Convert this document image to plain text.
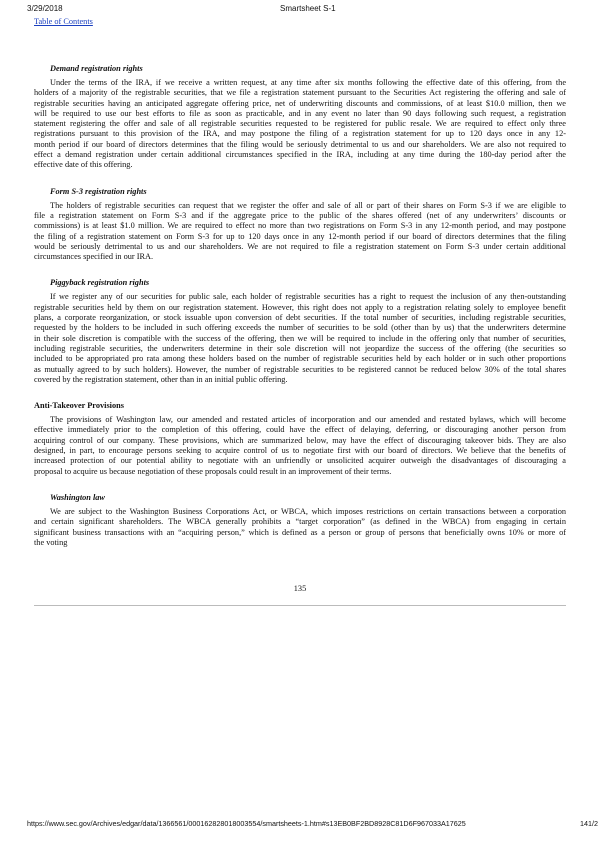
3/29/2018	Smartsheet S-1
Table of Contents
Demand registration rights
Under the terms of the IRA, if we receive a written request, at any time after six months following the effective date of this offering, from the
holders of a majority of the registrable securities, that we file a registration statement pursuant to the Securities Act registering the offering and sale of
registrable securities having an anticipated aggregate offering price, net of underwriting discounts and commissions, of at least $10.0 million, then we
will be required to use our best efforts to file as soon as practicable, and in any event no later than 90 days following such request, a registration
statement registering the offer and sale of all registrable securities requested to be registered for public resale. We are required to effect only three
registrations pursuant to this provision of the IRA, and may postpone the filing of a registration statement for up to 120 days once in any 12-
month period if our board of directors determines that the filing would be seriously detrimental to us and our shareholders. We are also not required to
effect a demand registration under certain additional circumstances specified in the IRA, including at any time during the 180-day period after the
effective date of this offering.
Form S-3 registration rights
The holders of registrable securities can request that we register the offer and sale of all or part of their shares on Form S-3 if we are eligible to
file a registration statement on Form S-3 and if the aggregate price to the public of the shares offered (net of any underwriters’ discounts or
commissions) is at least $1.0 million. We are required to effect no more than two registrations on Form S-3 in any 12-month period, and may postpone
the filing of a registration statement on Form S-3 for up to 120 days once in any 12-month period if our board of directors determines that the filing
would be seriously detrimental to us and our shareholders. We are not required to file a registration statement on Form S-3 under certain additional
circumstances specified in our IRA.
Piggyback registration rights
If we register any of our securities for public sale, each holder of registrable securities has a right to request the inclusion of any then-outstanding
registrable securities held by them on our registration statement. However, this right does not apply to a registration relating solely to employee benefit
plans, a corporate reorganization, or stock issuable upon conversion of debt securities. If the total number of securities, including registrable securities,
requested by the holders to be included in such offering exceeds the number of securities to be sold (other than by us) that the underwriters determine
in their sole discretion is compatible with the success of the offering, then we will be required to include in the offering only that number of securities,
including registrable securities, the underwriters determine in their sole discretion will not jeopardize the success of the offering (the securities so
included to be appropriated pro rata among these holders based on the number of registrable securities held by each holder or in such other proportions
as mutually agreed to by such holders). However, the number of registrable securities to be registered cannot be reduced below 30% of the total shares
covered by the registration statement, other than in an initial public offering.
Anti-Takeover Provisions
The provisions of Washington law, our amended and restated articles of incorporation and our amended and restated bylaws, which will become
effective immediately prior to the completion of this offering, could have the effect of delaying, deferring, or discouraging another person from
acquiring control of our company. These provisions, which are summarized below, may have the effect of discouraging takeover bids. They are also
designed, in part, to encourage persons seeking to acquire control of us to negotiate first with our board of directors. We believe that the benefits of
increased protection of our potential ability to negotiate with an unfriendly or unsolicited acquirer outweigh the disadvantages of discouraging a
proposal to acquire us because negotiation of these proposals could result in an improvement of their terms.
Washington law
We are subject to the Washington Business Corporations Act, or WBCA, which imposes restrictions on certain transactions between a corporation
and certain significant shareholders. The WBCA generally prohibits a “target corporation” (as defined in the WBCA) from engaging in certain
significant business transactions with an “acquiring person,” which is defined as a person or group of persons that beneficially owns 10% or more of
the voting
135
https://www.sec.gov/Archives/edgar/data/1366561/000162828018003554/smartsheets-1.htm#s13EB0BF2BD8928C81D6F967033A17625	141/2
